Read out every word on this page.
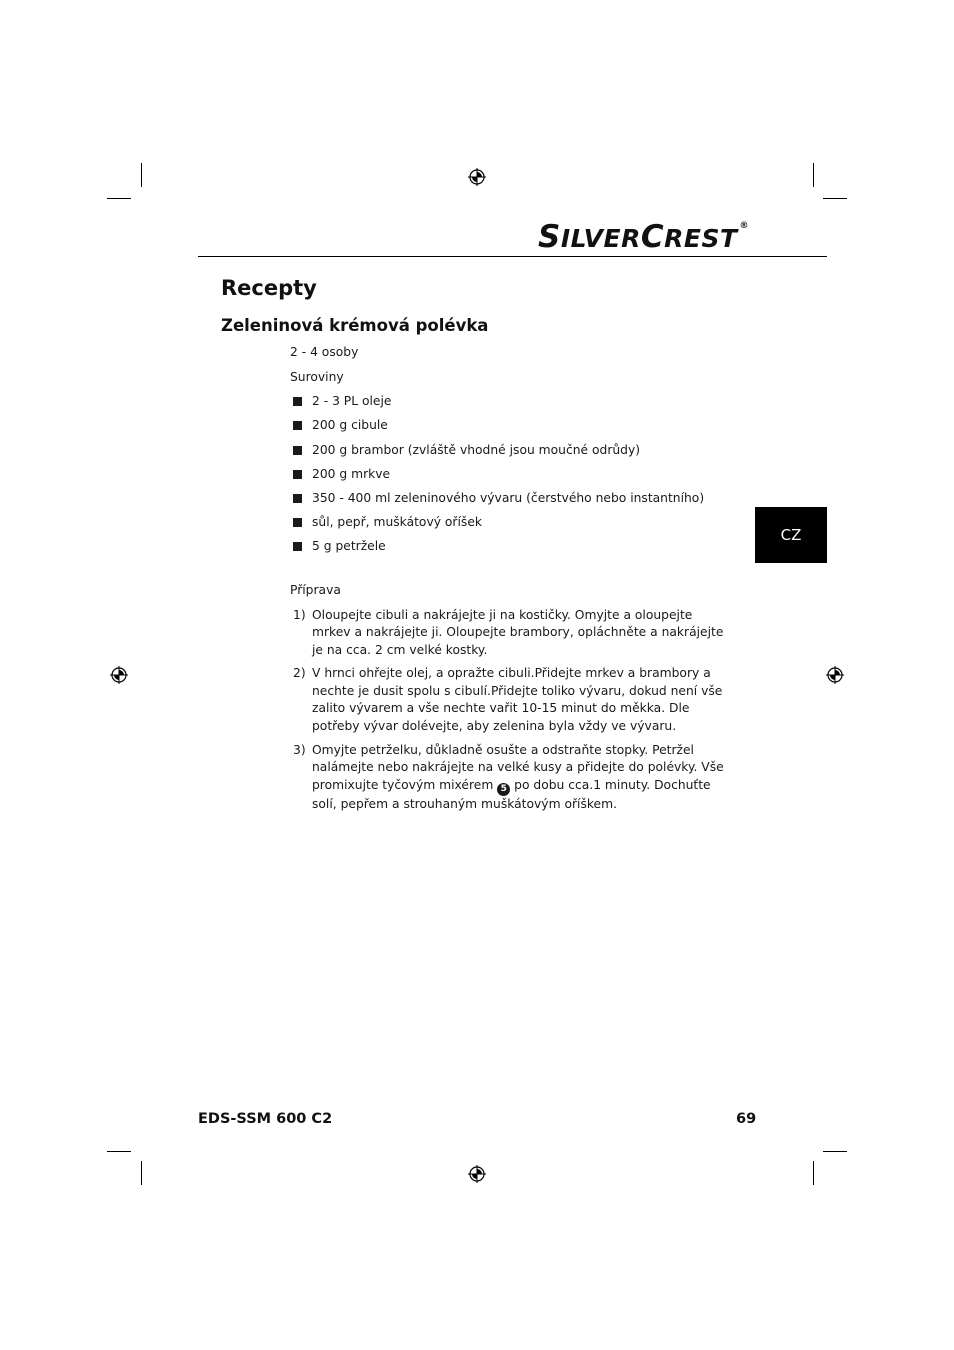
SILVERCREST ®
Recepty
Zeleninová krémová polévka

2 - 4 osoby

Suroviny

2 - 3 PL oleje
200 g cibule
200 g brambor (zvláště vhodné jsou moučné odrůdy)
200 g mrkve
350 - 400 ml zeleninového vývaru (čerstvého nebo instantního)
sůl, pepř, muškátový oříšek
5 g petržele

Příprava

1) Oloupejte cibuli a nakrájejte ji na kostičky. Omyjte a oloupejte mrkev a nakrájejte ji. Oloupejte brambory, opláchněte a nakrájejte je na cca. 2 cm velké kostky.
2) V hrnci ohřejte olej, a opražte cibuli.Přidejte mrkev a brambory a nechte je dusit spolu s cibulí.Přidejte toliko vývaru, dokud není vše zalito vývarem a vše nechte vařit 10-15 minut do měkka. Dle potřeby vývar dolévejte, aby zelenina byla vždy ve vývaru.
3) Omyjte petrželku, důkladně osušte a odstraňte stopky. Petržel nalámejte nebo nakrájejte na velké kusy a přidejte do polévky. Vše promixujte tyčovým mixérem 5 po dobu cca.1 minuty. Dochuťte solí, pepřem a strouhaným muškátovým oříškem.
CZ
EDS-SSM 600 C2	69
